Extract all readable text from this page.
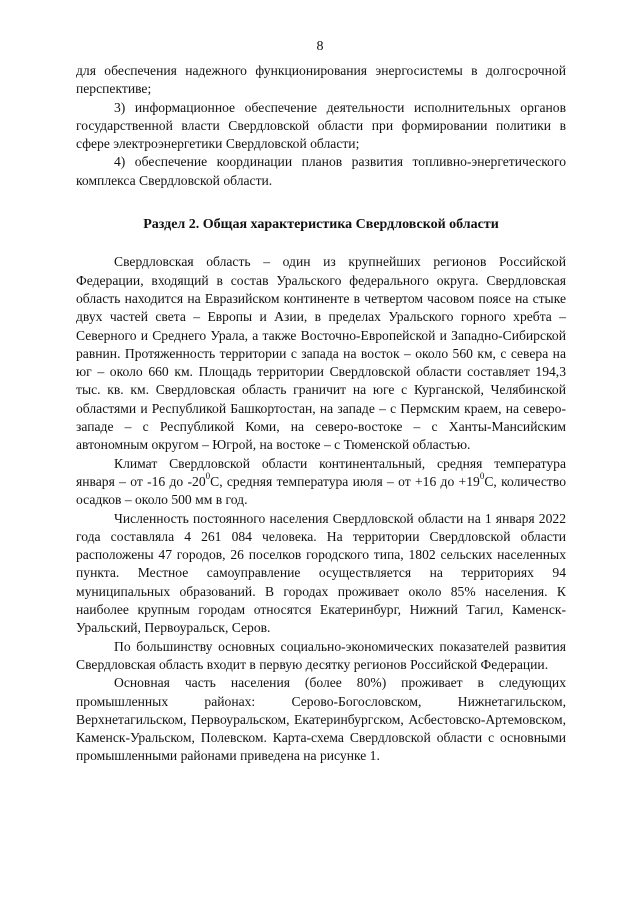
8

для обеспечения надежного функционирования энергосистемы в долгосрочной перспективе;

3) информационное обеспечение деятельности исполнительных органов государственной власти Свердловской области при формировании политики в сфере электроэнергетики Свердловской области;

4) обеспечение координации планов развития топливно-энергетического комплекса Свердловской области.

Раздел 2. Общая характеристика Свердловской области

Свердловская область – один из крупнейших регионов Российской Федерации, входящий в состав Уральского федерального округа. Свердловская область находится на Евразийском континенте в четвертом часовом поясе на стыке двух частей света – Европы и Азии, в пределах Уральского горного хребта – Северного и Среднего Урала, а также Восточно-Европейской и Западно-Сибирской равнин. Протяженность территории с запада на восток – около 560 км, с севера на юг – около 660 км. Площадь территории Свердловской области составляет 194,3 тыс. кв. км. Свердловская область граничит на юге с Курганской, Челябинской областями и Республикой Башкортостан, на западе – с Пермским краем, на северо-западе – с Республикой Коми, на северо-востоке – с Ханты-Мансийским автономным округом – Югрой, на востоке – с Тюменской областью.

Климат Свердловской области континентальный, средняя температура января – от -16 до $-20^0С$, средняя температура июля – от +16 до $+19^0С$, количество осадков – около 500 мм в год.

Численность постоянного населения Свердловской области на 1 января 2022 года составляла 4 261 084 человека. На территории Свердловской области расположены 47 городов, 26 поселков городского типа, 1802 сельских населенных пункта. Местное самоуправление осуществляется на территориях 94 муниципальных образований. В городах проживает около 85% населения. К наиболее крупным городам относятся Екатеринбург, Нижний Тагил, Каменск-Уральский, Первоуральск, Серов.

По большинству основных социально-экономических показателей развития Свердловская область входит в первую десятку регионов Российской Федерации.

Основная часть населения (более 80%) проживает в следующих промышленных районах: Серово-Богословском, Нижнетагильском, Верхнетагильском, Первоуральском, Екатеринбургском, Асбестовско-Артемовском, Каменск-Уральском, Полевском. Карта-схема Свердловской области с основными промышленными районами приведена на рисунке 1.
